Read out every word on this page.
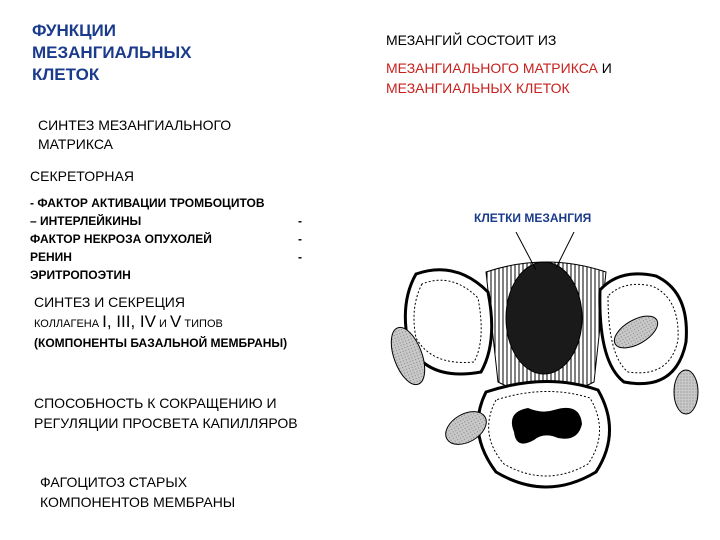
ФУНКЦИИ
МЕЗАНГИАЛЬНЫХ
КЛЕТОК
МЕЗАНГИЙ СОСТОИТ ИЗ
МЕЗАНГИАЛЬНОГО МАТРИКСА И
МЕЗАНГИАЛЬНЫХ КЛЕТОК
СИНТЕЗ МЕЗАНГИАЛЬНОГО
МАТРИКСА
СЕКРЕТОРНАЯ
- ФАКТОР АКТИВАЦИИ ТРОМБОЦИТОВ
– ИНТЕРЛЕЙКИНЫ	-
ФАКТОР НЕКРОЗА ОПУХОЛЕЙ	-
РЕНИН	-
ЭРИТРОПОЭТИН
СИНТЕЗ И СЕКРЕЦИЯ
КОЛЛАГЕНА I, III, IV И V ТИПОВ
(КОМПОНЕНТЫ БАЗАЛЬНОЙ МЕМБРАНЫ)
СПОСОБНОСТЬ К СОКРАЩЕНИЮ И
РЕГУЛЯЦИИ ПРОСВЕТА КАПИЛЛЯРОВ
ФАГОЦИТОЗ СТАРЫХ
КОМПОНЕНТОВ МЕМБРАНЫ
КЛЕТКИ МЕЗАНГИЯ
